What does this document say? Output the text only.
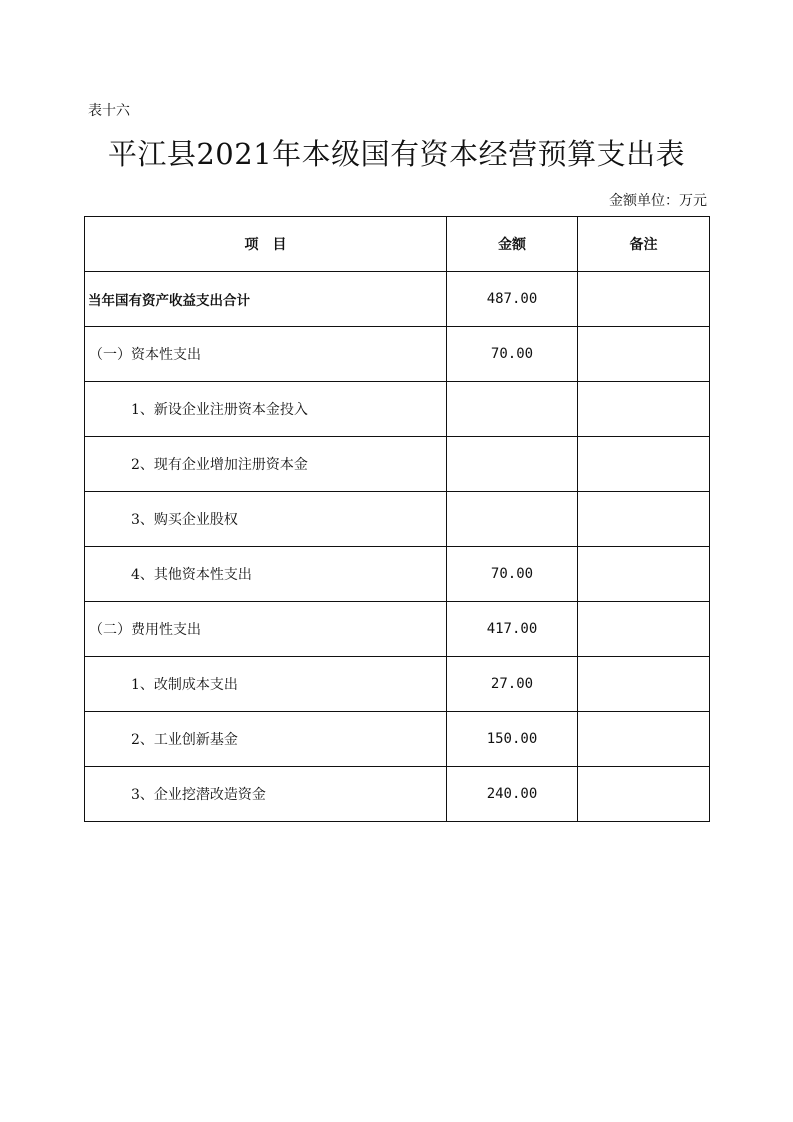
表十六
平江县2021年本级国有资本经营预算支出表
金额单位：万元
项　目	金额	备注
当年国有资产收益支出合计	487.00	
（一）资本性支出	70.00	
1、新设企业注册资本金投入		
2、现有企业增加注册资本金		
3、购买企业股权		
4、其他资本性支出	70.00	
（二）费用性支出	417.00	
1、改制成本支出	27.00	
2、工业创新基金	150.00	
3、企业挖潜改造资金	240.00	
